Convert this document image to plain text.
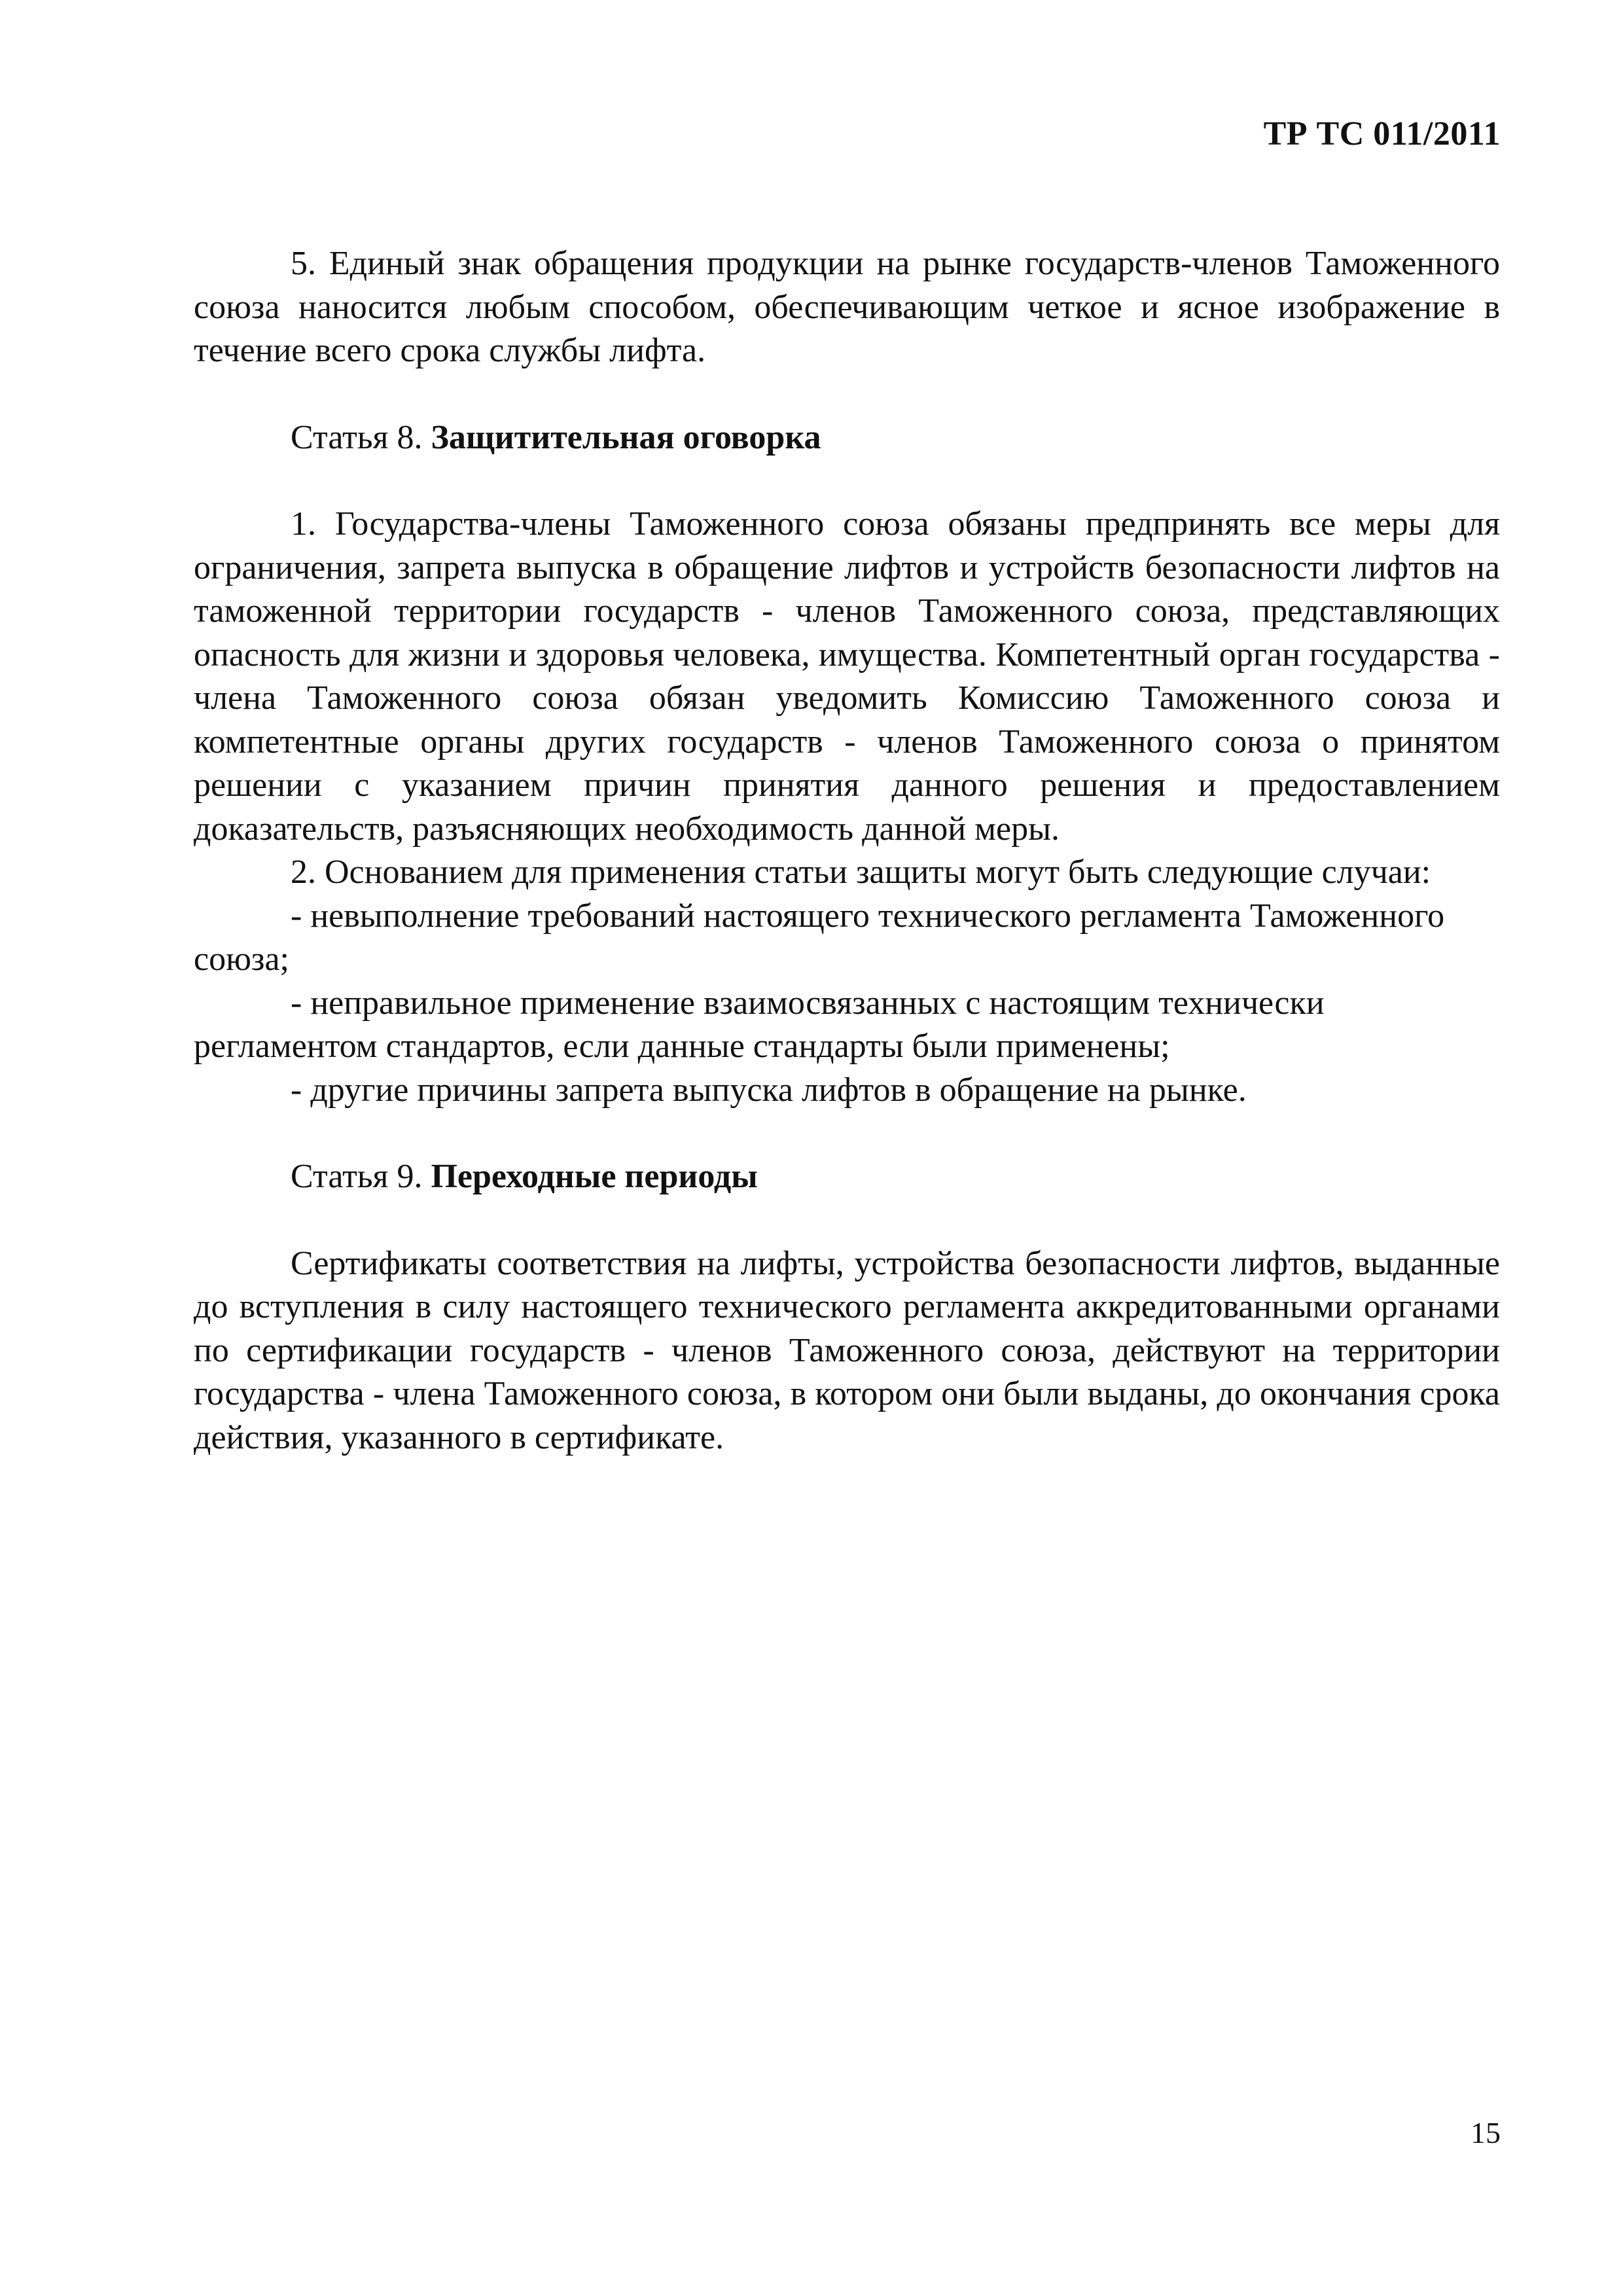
ТР ТС 011/2011

5. Единый знак обращения продукции на рынке государств-членов Таможенного союза наносится любым способом, обеспечивающим четкое и ясное изображение в течение всего срока службы лифта.

Статья 8. Защитительная оговорка

1. Государства-члены Таможенного союза обязаны предпринять все меры для ограничения, запрета выпуска в обращение лифтов и устройств безопасности лифтов на таможенной территории государств - членов Таможенного союза, представляющих опасность для жизни и здоровья человека, имущества. Компетентный орган государства - члена Таможенного союза обязан уведомить Комиссию Таможенного союза и компетентные органы других государств - членов Таможенного союза о принятом решении с указанием причин принятия данного решения и предоставлением доказательств, разъясняющих необходимость данной меры.

2. Основанием для применения статьи защиты могут быть следующие случаи:

- невыполнение требований настоящего технического регламента Таможенного союза;

- неправильное применение взаимосвязанных с настоящим технически регламентом стандартов, если данные стандарты были применены;

- другие причины запрета выпуска лифтов в обращение на рынке.

Статья 9. Переходные периоды

Сертификаты соответствия на лифты, устройства безопасности лифтов, выданные до вступления в силу настоящего технического регламента аккредитованными органами по сертификации государств - членов Таможенного союза, действуют на территории государства - члена Таможенного союза, в котором они были выданы, до окончания срока действия, указанного в сертификате.

15
